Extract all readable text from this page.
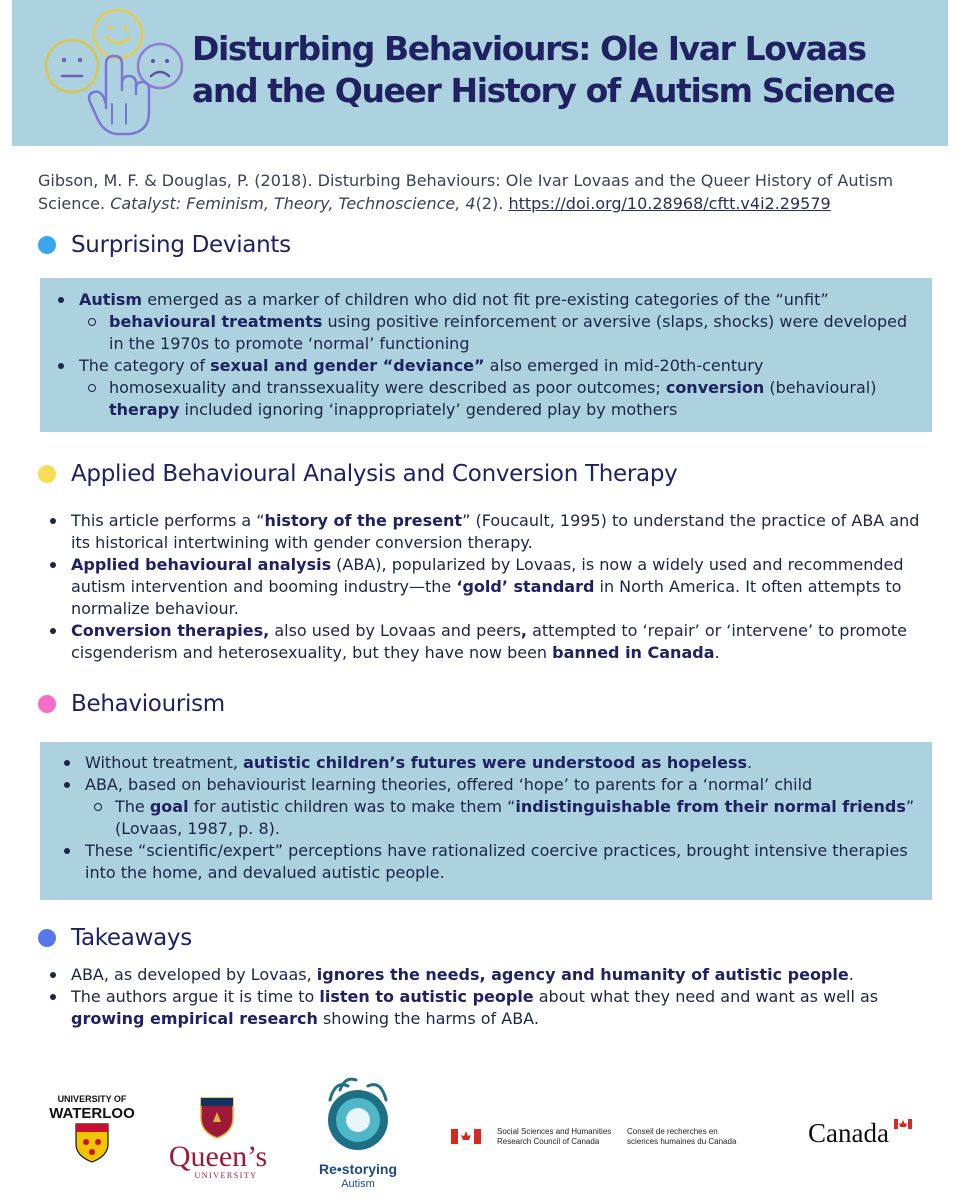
Disturbing Behaviours: Ole Ivar Lovaas
and the Queer History of Autism Science
Gibson, M. F. & Douglas, P. (2018). Disturbing Behaviours: Ole Ivar Lovaas and the Queer History of Autism Science. Catalyst: Feminism, Theory, Technoscience, 4(2). https://doi.org/10.28968/cftt.v4i2.29579
Surprising Deviants
Autism emerged as a marker of children who did not fit pre-existing categories of the “unfit”
behavioural treatments using positive reinforcement or aversive (slaps, shocks) were developed in the 1970s to promote ‘normal’ functioning
The category of sexual and gender “deviance” also emerged in mid-20th-century
homosexuality and transsexuality were described as poor outcomes; conversion (behavioural) therapy included ignoring ‘inappropriately’ gendered play by mothers
Applied Behavioural Analysis and Conversion Therapy
This article performs a “history of the present” (Foucault, 1995) to understand the practice of ABA and its historical intertwining with gender conversion therapy.
Applied behavioural analysis (ABA), popularized by Lovaas, is now a widely used and recommended autism intervention and booming industry—the ‘gold’ standard in North America. It often attempts to normalize behaviour.
Conversion therapies, also used by Lovaas and peers, attempted to ‘repair’ or ‘intervene’ to promote cisgenderism and heterosexuality, but they have now been banned in Canada.
Behaviourism
Without treatment, autistic children’s futures were understood as hopeless.
ABA, based on behaviourist learning theories, offered ‘hope’ to parents for a ‘normal’ child
The goal for autistic children was to make them “indistinguishable from their normal friends” (Lovaas, 1987, p. 8).
These “scientific/expert” perceptions have rationalized coercive practices, brought intensive therapies into the home, and devalued autistic people.
Takeaways
ABA, as developed by Lovaas, ignores the needs, agency and humanity of autistic people.
The authors argue it is time to listen to autistic people about what they need and want as well as growing empirical research showing the harms of ABA.
UNIVERSITY OF
WATERLOO
Queen’s
UNIVERSITY	Re•storying
Autism
Social Sciences and Humanities
Research Council of Canada
Conseil de recherches en
sciences humaines du Canada	Canada
